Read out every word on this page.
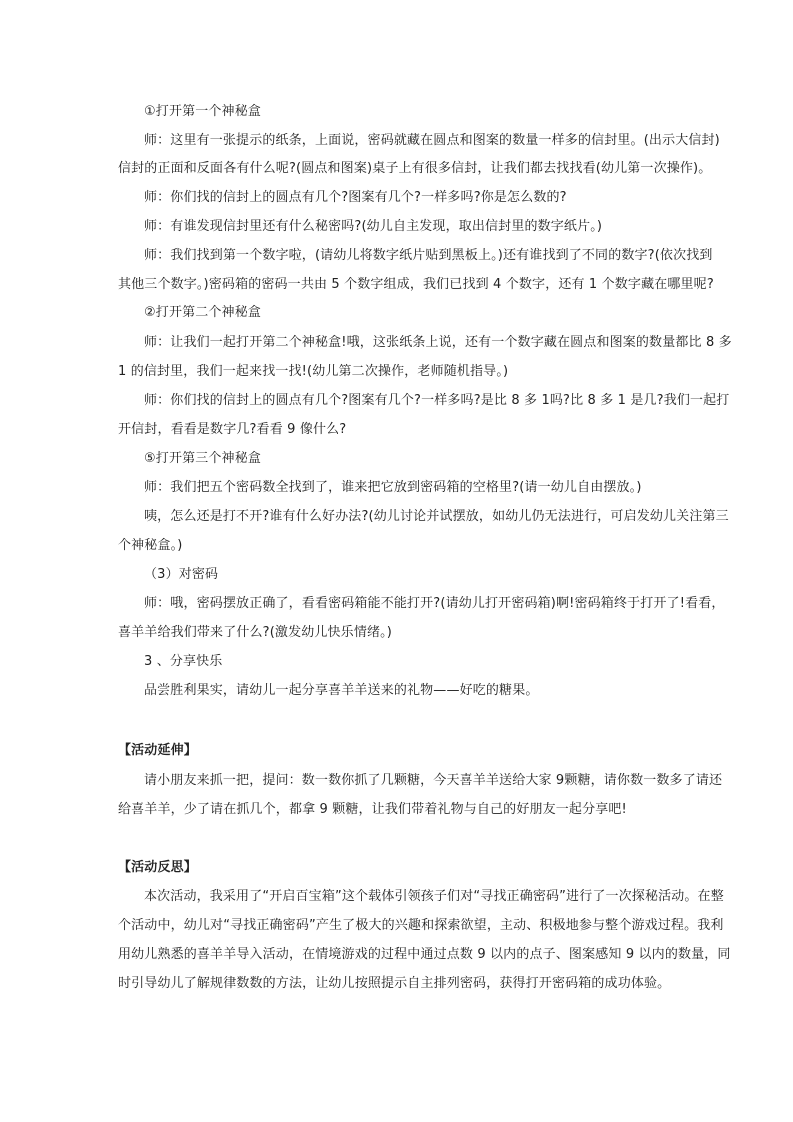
①打开第一个神秘盒
师：这里有一张提示的纸条，上面说，密码就藏在圆点和图案的数量一样多的信封里。(出示大信封)
信封的正面和反面各有什么呢?(圆点和图案)桌子上有很多信封，让我们都去找找看(幼儿第一次操作)。
师：你们找的信封上的圆点有几个?图案有几个?一样多吗?你是怎么数的?
师：有谁发现信封里还有什么秘密吗?(幼儿自主发现，取出信封里的数字纸片。)
师：我们找到第一个数字啦，(请幼儿将数字纸片贴到黑板上。)还有谁找到了不同的数字?(依次找到
其他三个数字。)密码箱的密码一共由 5 个数字组成，我们已找到 4 个数字，还有 1 个数字藏在哪里呢?
②打开第二个神秘盒
师：让我们一起打开第二个神秘盒!哦，这张纸条上说，还有一个数字藏在圆点和图案的数量都比 8 多
1 的信封里，我们一起来找一找!(幼儿第二次操作，老师随机指导。)
师：你们找的信封上的圆点有几个?图案有几个?一样多吗?是比 8 多 1吗?比 8 多 1 是几?我们一起打
开信封，看看是数字几?看看 9 像什么?
⑤打开第三个神秘盒
师：我们把五个密码数全找到了，谁来把它放到密码箱的空格里?(请一幼儿自由摆放。)
咦，怎么还是打不开?谁有什么好办法?(幼儿讨论并试摆放，如幼儿仍无法进行，可启发幼儿关注第三
个神秘盒。)
（3）对密码
师：哦，密码摆放正确了，看看密码箱能不能打开?(请幼儿打开密码箱)啊!密码箱终于打开了!看看，
喜羊羊给我们带来了什么?(激发幼儿快乐情绪。)
3 、分享快乐
品尝胜利果实，请幼儿一起分享喜羊羊送来的礼物——好吃的糖果。
【活动延伸】
请小朋友来抓一把，提问：数一数你抓了几颗糖，今天喜羊羊送给大家 9颗糖，请你数一数多了请还
给喜羊羊，少了请在抓几个，都拿 9 颗糖，让我们带着礼物与自己的好朋友一起分享吧!
【活动反思】
本次活动，我采用了“开启百宝箱”这个载体引领孩子们对“寻找正确密码”进行了一次探秘活动。在整
个活动中，幼儿对“寻找正确密码”产生了极大的兴趣和探索欲望，主动、积极地参与整个游戏过程。我利
用幼儿熟悉的喜羊羊导入活动，在情境游戏的过程中通过点数 9 以内的点子、图案感知 9 以内的数量，同
时引导幼儿了解规律数数的方法，让幼儿按照提示自主排列密码，获得打开密码箱的成功体验。
